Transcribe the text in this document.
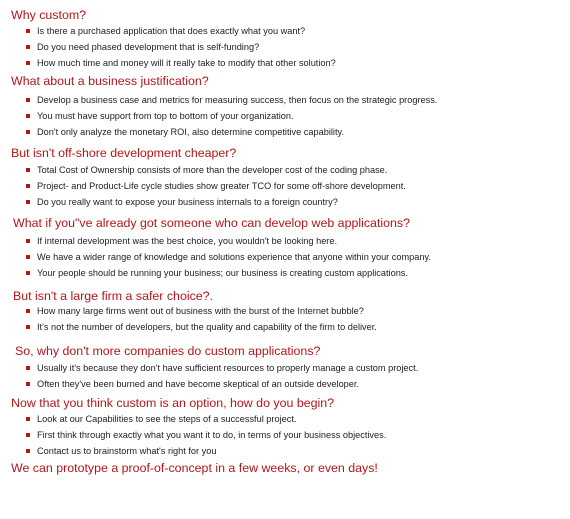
Why custom?
Is there a purchased application that does exactly what you want?
Do you need phased development that is self-funding?
How much time and money will it really take to modify that other solution?
What about a business justification?
Develop a business case and metrics for measuring success, then focus on the strategic progress.
You must have support from top to bottom of your organization.
Don't only analyze the monetary ROI, also determine competitive capability.
But isn't off-shore development cheaper?
Total Cost of Ownership consists of more than the developer cost of the coding phase.
Project- and Product-Life cycle studies show greater TCO for some off-shore development.
Do you really want to expose your business internals to a foreign country?
What if you"ve already got someone who can develop web applications?
If internal development was the best choice, you wouldn't be looking here.
We have a wider range of knowledge and solutions experience that anyone within your company.
Your people should be running your business; our business is creating custom applications.
But isn't a large firm a safer choice?.
How many large firms went out of business with the burst of the Internet bubble?
It's not the number of developers, but the quality and capability of the firm to deliver.
So, why don't more companies do custom applications?
Usually it's because they don't have sufficient resources to properly manage a custom project.
Often they've been burned and have become skeptical of an outside developer.
Now that you think custom is an option, how do you begin?
Look at our Capabilities to see the steps of a successful project.
First think through exactly what you want it to do, in terms of your business objectives.
Contact us to brainstorm what's right for you

We can prototype a proof-of-concept in a few weeks, or even days!
